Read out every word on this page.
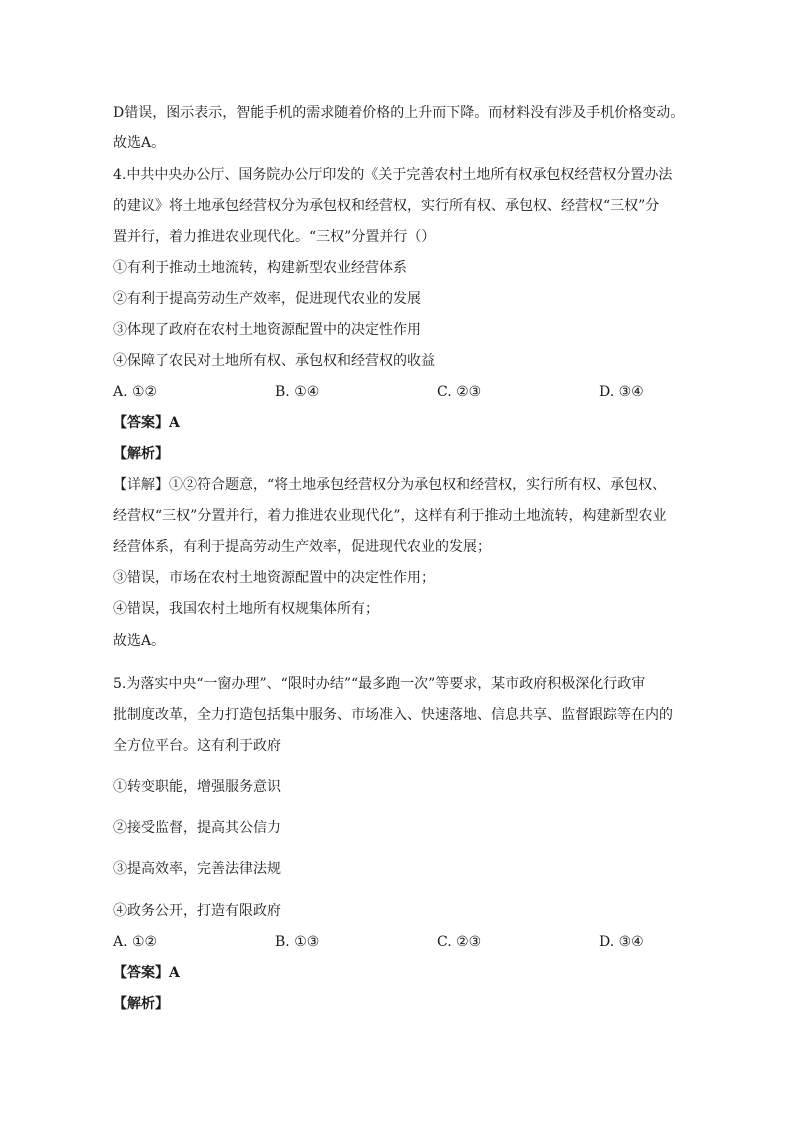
D错误，图示表示，智能手机的需求随着价格的上升而下降。而材料没有涉及手机价格变动。
故选A。
4.中共中央办公厅、国务院办公厅印发的《关于完善农村土地所有权承包权经营权分置办法
的建议》将土地承包经营权分为承包权和经营权，实行所有权、承包权、经营权“三权”分
置并行，着力推进农业现代化。“三权”分置并行（）
①有利于推动土地流转，构建新型农业经营体系
②有利于提高劳动生产效率，促进现代农业的发展
③体现了政府在农村土地资源配置中的决定性作用
④保障了农民对土地所有权、承包权和经营权的收益
A. ①②	B. ①④	C. ②③	D. ③④
【答案】A
【解析】
【详解】①②符合题意，“将土地承包经营权分为承包权和经营权，实行所有权、承包权、
经营权“三权”分置并行，着力推进农业现代化”，这样有利于推动土地流转，构建新型农业
经营体系，有利于提高劳动生产效率，促进现代农业的发展；
③错误，市场在农村土地资源配置中的决定性作用；
④错误，我国农村土地所有权规集体所有；
故选A。
5.为落实中央“一窗办理”、“限时办结”“最多跑一次”等要求，某市政府积极深化行政审
批制度改革，全力打造包括集中服务、市场准入、快速落地、信息共享、监督跟踪等在内的
全方位平台。这有利于政府
①转变职能，增强服务意识
②接受监督，提高其公信力
③提高效率，完善法律法规
④政务公开，打造有限政府
A. ①②	B. ①③	C. ②③	D. ③④
【答案】A
【解析】
